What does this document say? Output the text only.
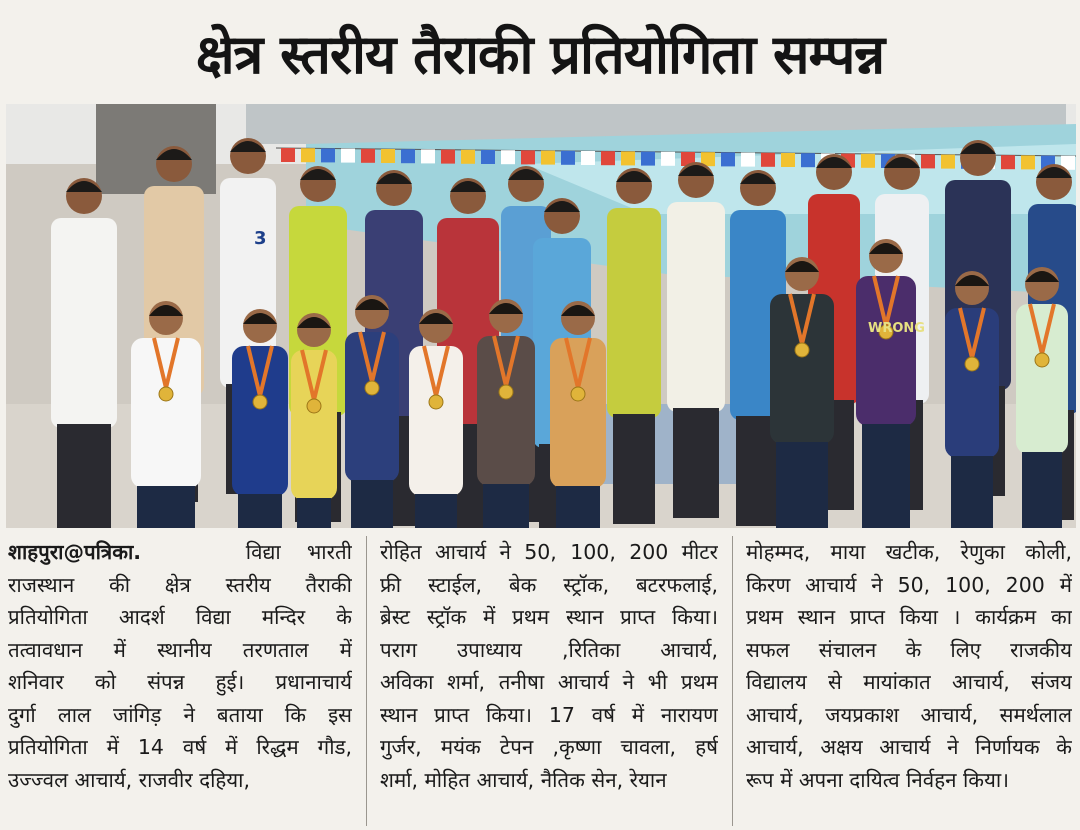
क्षेत्र स्तरीय तैराकी प्रतियोगिता सम्पन्न
3
WRONG

शाहपुरा@पत्रिका.	विद्या भारती

राजस्थान की क्षेत्र स्तरीय तैराकी

प्रतियोगिता आदर्श विद्या मन्दिर के

तत्वावधान में स्थानीय तरणताल में

शनिवार को संपन्न हुई। प्रधानाचार्य

दुर्गा लाल जांगिड़ ने बताया कि इस

प्रतियोगिता में 14 वर्ष में रिद्धम गौड,

उज्ज्वल आचार्य, राजवीर दहिया,

रोहित आचार्य ने 50, 100, 200 मीटर

फ्री स्टाईल, बेक स्ट्रॉक, बटरफलाई,

ब्रेस्ट स्ट्रॉक में प्रथम स्थान प्राप्त किया।

पराग उपाध्याय ,रितिका आचार्य,

अविका शर्मा, तनीषा आचार्य ने भी प्रथम

स्थान प्राप्त किया। 17 वर्ष में नारायण

गुर्जर, मयंक टेपन ,कृष्णा चावला, हर्ष

शर्मा, मोहित आचार्य, नैतिक सेन, रेयान

मोहम्मद, माया खटीक, रेणुका कोली,

किरण आचार्य ने 50, 100, 200 में

प्रथम स्थान प्राप्त किया । कार्यक्रम का

सफल संचालन के लिए राजकीय

विद्यालय से मायांकात आचार्य, संजय

आचार्य, जयप्रकाश आचार्य, समर्थलाल

आचार्य, अक्षय आचार्य ने निर्णायक के

रूप में अपना दायित्व निर्वहन किया।
